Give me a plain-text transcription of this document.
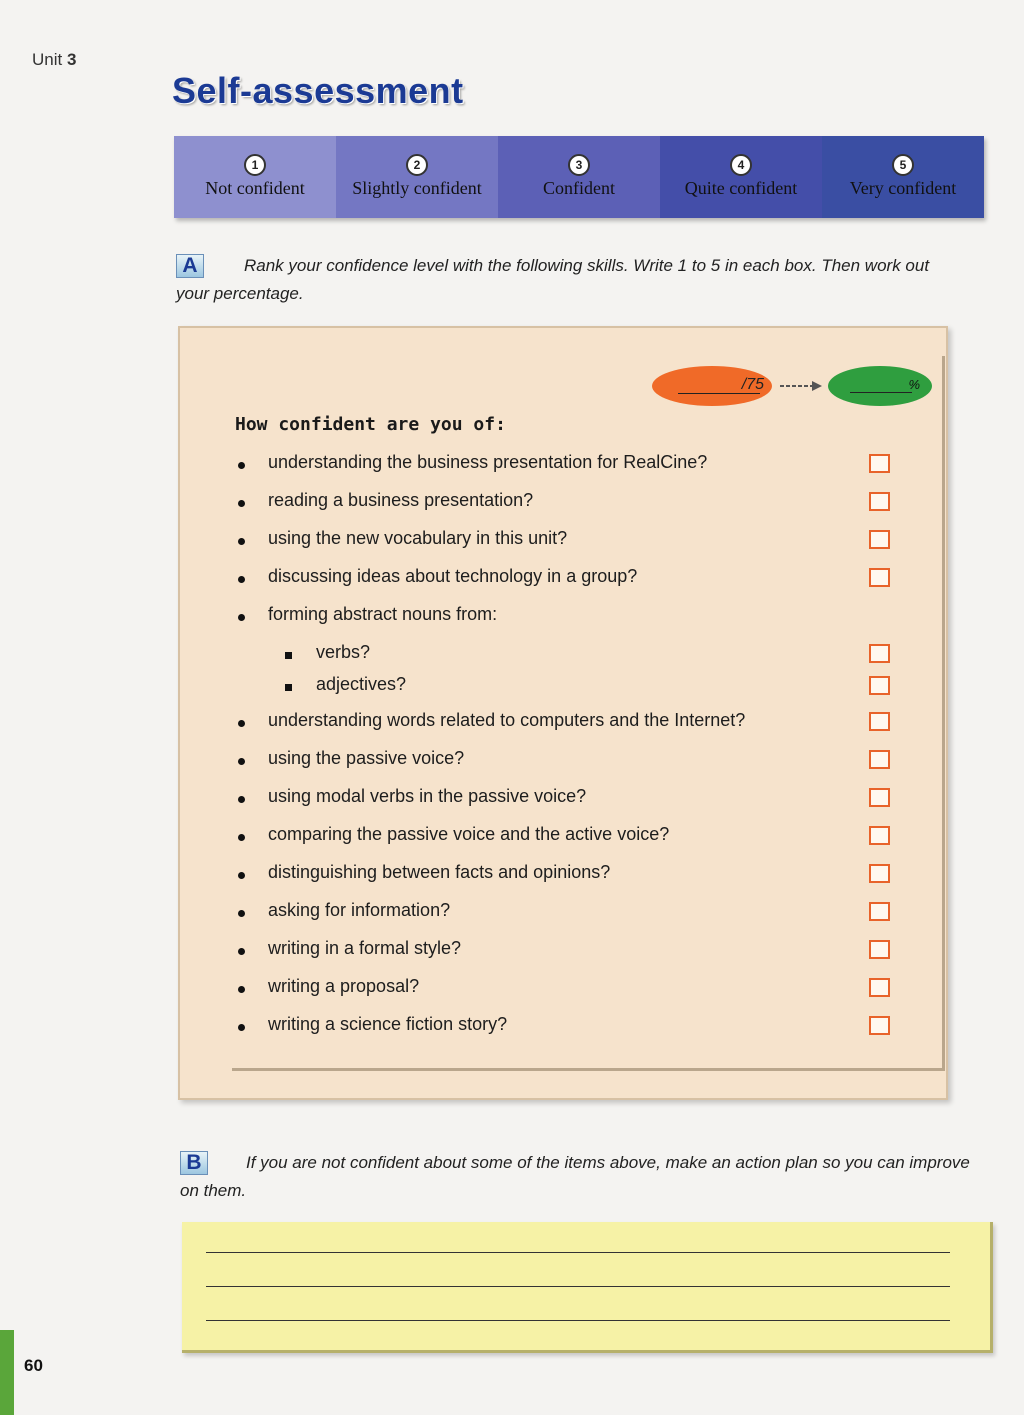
Unit 3
Self-assessment
1
Not confident
2
Slightly confident
3
Confident
4
Quite confident
5
Very confident
Rank your confidence level with the following skills. Write 1 to 5 in each box. Then work out your percentage.
A
/75	%
How confident are you of:
understanding the business presentation for RealCine?
reading a business presentation?
using the new vocabulary in this unit?
discussing ideas about technology in a group?
forming abstract nouns from:
verbs?
adjectives?
understanding words related to computers and the Internet?
using the passive voice?
using modal verbs in the passive voice?
comparing the passive voice and the active voice?
distinguishing between facts and opinions?
asking for information?
writing in a formal style?
writing a proposal?
writing a science fiction story?
If you are not confident about some of the items above, make an action plan so you can improve on them.
B
60
